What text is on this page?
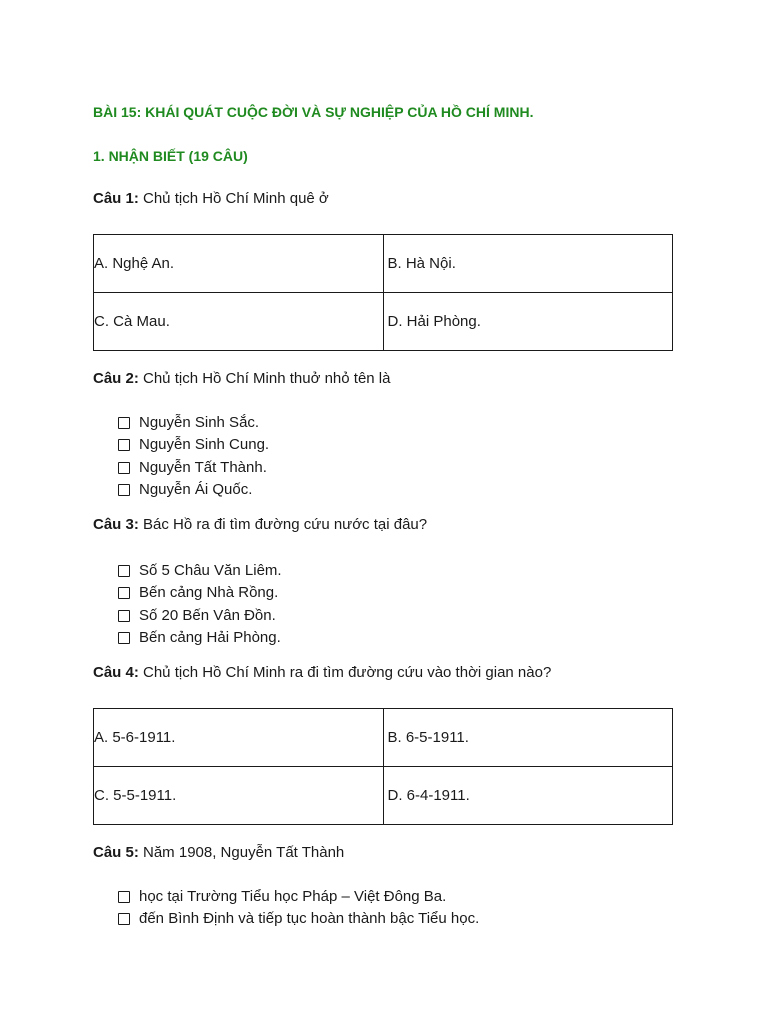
BÀI 15: KHÁI QUÁT CUỘC ĐỜI VÀ SỰ NGHIỆP CỦA HỒ CHÍ MINH.
1. NHẬN BIẾT (19 CÂU)
Câu 1: Chủ tịch Hồ Chí Minh quê ở
A. Nghệ An.	B. Hà Nội.
C. Cà Mau.	D. Hải Phòng.
Câu 2: Chủ tịch Hồ Chí Minh thuở nhỏ tên là
Nguyễn Sinh Sắc.
Nguyễn Sinh Cung.
Nguyễn Tất Thành.
Nguyễn Ái Quốc.
Câu 3: Bác Hồ ra đi tìm đường cứu nước tại đâu?
Số 5 Châu Văn Liêm.
Bến cảng Nhà Rồng.
Số 20 Bến Vân Đồn.
Bến cảng Hải Phòng.
Câu 4: Chủ tịch Hồ Chí Minh ra đi tìm đường cứu vào thời gian nào?
A. 5-6-1911.	B. 6-5-1911.
C. 5-5-1911.	D. 6-4-1911.
Câu 5: Năm 1908, Nguyễn Tất Thành
học tại Trường Tiểu học Pháp – Việt Đông Ba.
đến Bình Định và tiếp tục hoàn thành bậc Tiểu học.
